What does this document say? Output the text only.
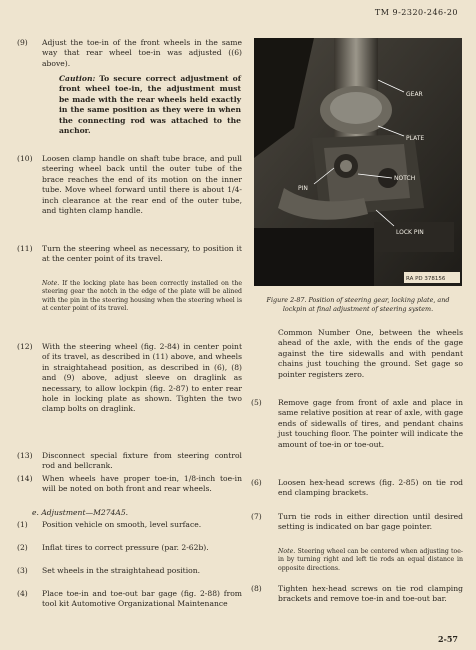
TM 9-2320-246-20
(9) Adjust the toe-in of the front wheels in the same way that rear wheel toe-in was adjusted ((6) above).
Caution: To secure correct adjustment of front wheel toe-in, the adjustment must be made with the rear wheels held exactly in the same position as they were in when the connecting rod was attached to the anchor.
(10) Loosen clamp handle on shaft tube brace, and pull steering wheel back until the outer tube of the brace reaches the end of its motion on the inner tube. Move wheel forward until there is about 1/4-inch clearance at the rear end of the outer tube, and tighten clamp handle.
(11) Turn the steering wheel as necessary, to position it at the center point of its travel.
Note. If the locking plate has been correctly installed on the steering gear the notch in the edge of the plate will be alined with the pin in the steering housing when the steering wheel is at center point of its travel.
(12) With the steering wheel (fig. 2-84) in center point of its travel, as described in (11) above, and wheels in straightahead position, as described in (6), (8) and (9) above, adjust sleeve on draglink as necessary, to allow lockpin (fig. 2-87) to enter rear hole in locking plate as shown. Tighten the two clamp bolts on draglink.
(13) Disconnect special fixture from steering control rod and bellcrank.
(14) When wheels have proper toe-in, 1/8-inch toe-in will be noted on both front and rear wheels.
e. Adjustment—M274A5.
(1) Position vehicle on smooth, level surface.
(2) Inflat tires to correct pressure (par. 2-62b).
(3) Set wheels in the straightahead position.
(4) Place toe-in and toe-out bar gage (fig. 2-88) from tool kit Automotive Organizational Maintenance
GEAR
PLATE
NOTCH
PIN
LOCK PIN
RA PD 378156
Figure 2-87. Position of steering gear, locking plate, and lockpin at final adjustment of steering system.
Common Number One, between the wheels ahead of the axle, with the ends of the gage against the tire sidewalls and with pendant chains just touching the ground. Set gage so pointer registers zero.
(5) Remove gage from front of axle and place in same relative position at rear of axle, with gage ends of sidewalls of tires, and pendant chains just touching floor. The pointer will indicate the amount of toe-in or toe-out.
(6) Loosen hex-head screws (fig. 2-85) on tie rod end clamping brackets.
(7) Turn tie rods in either direction until desired setting is indicated on bar gage pointer.
Note. Steering wheel can be centered when adjusting toe-in by turning right and left tie rods an equal distance in opposite directions.
(8) Tighten hex-head screws on tie rod clamping brackets and remove toe-in and toe-out bar.
2-57
